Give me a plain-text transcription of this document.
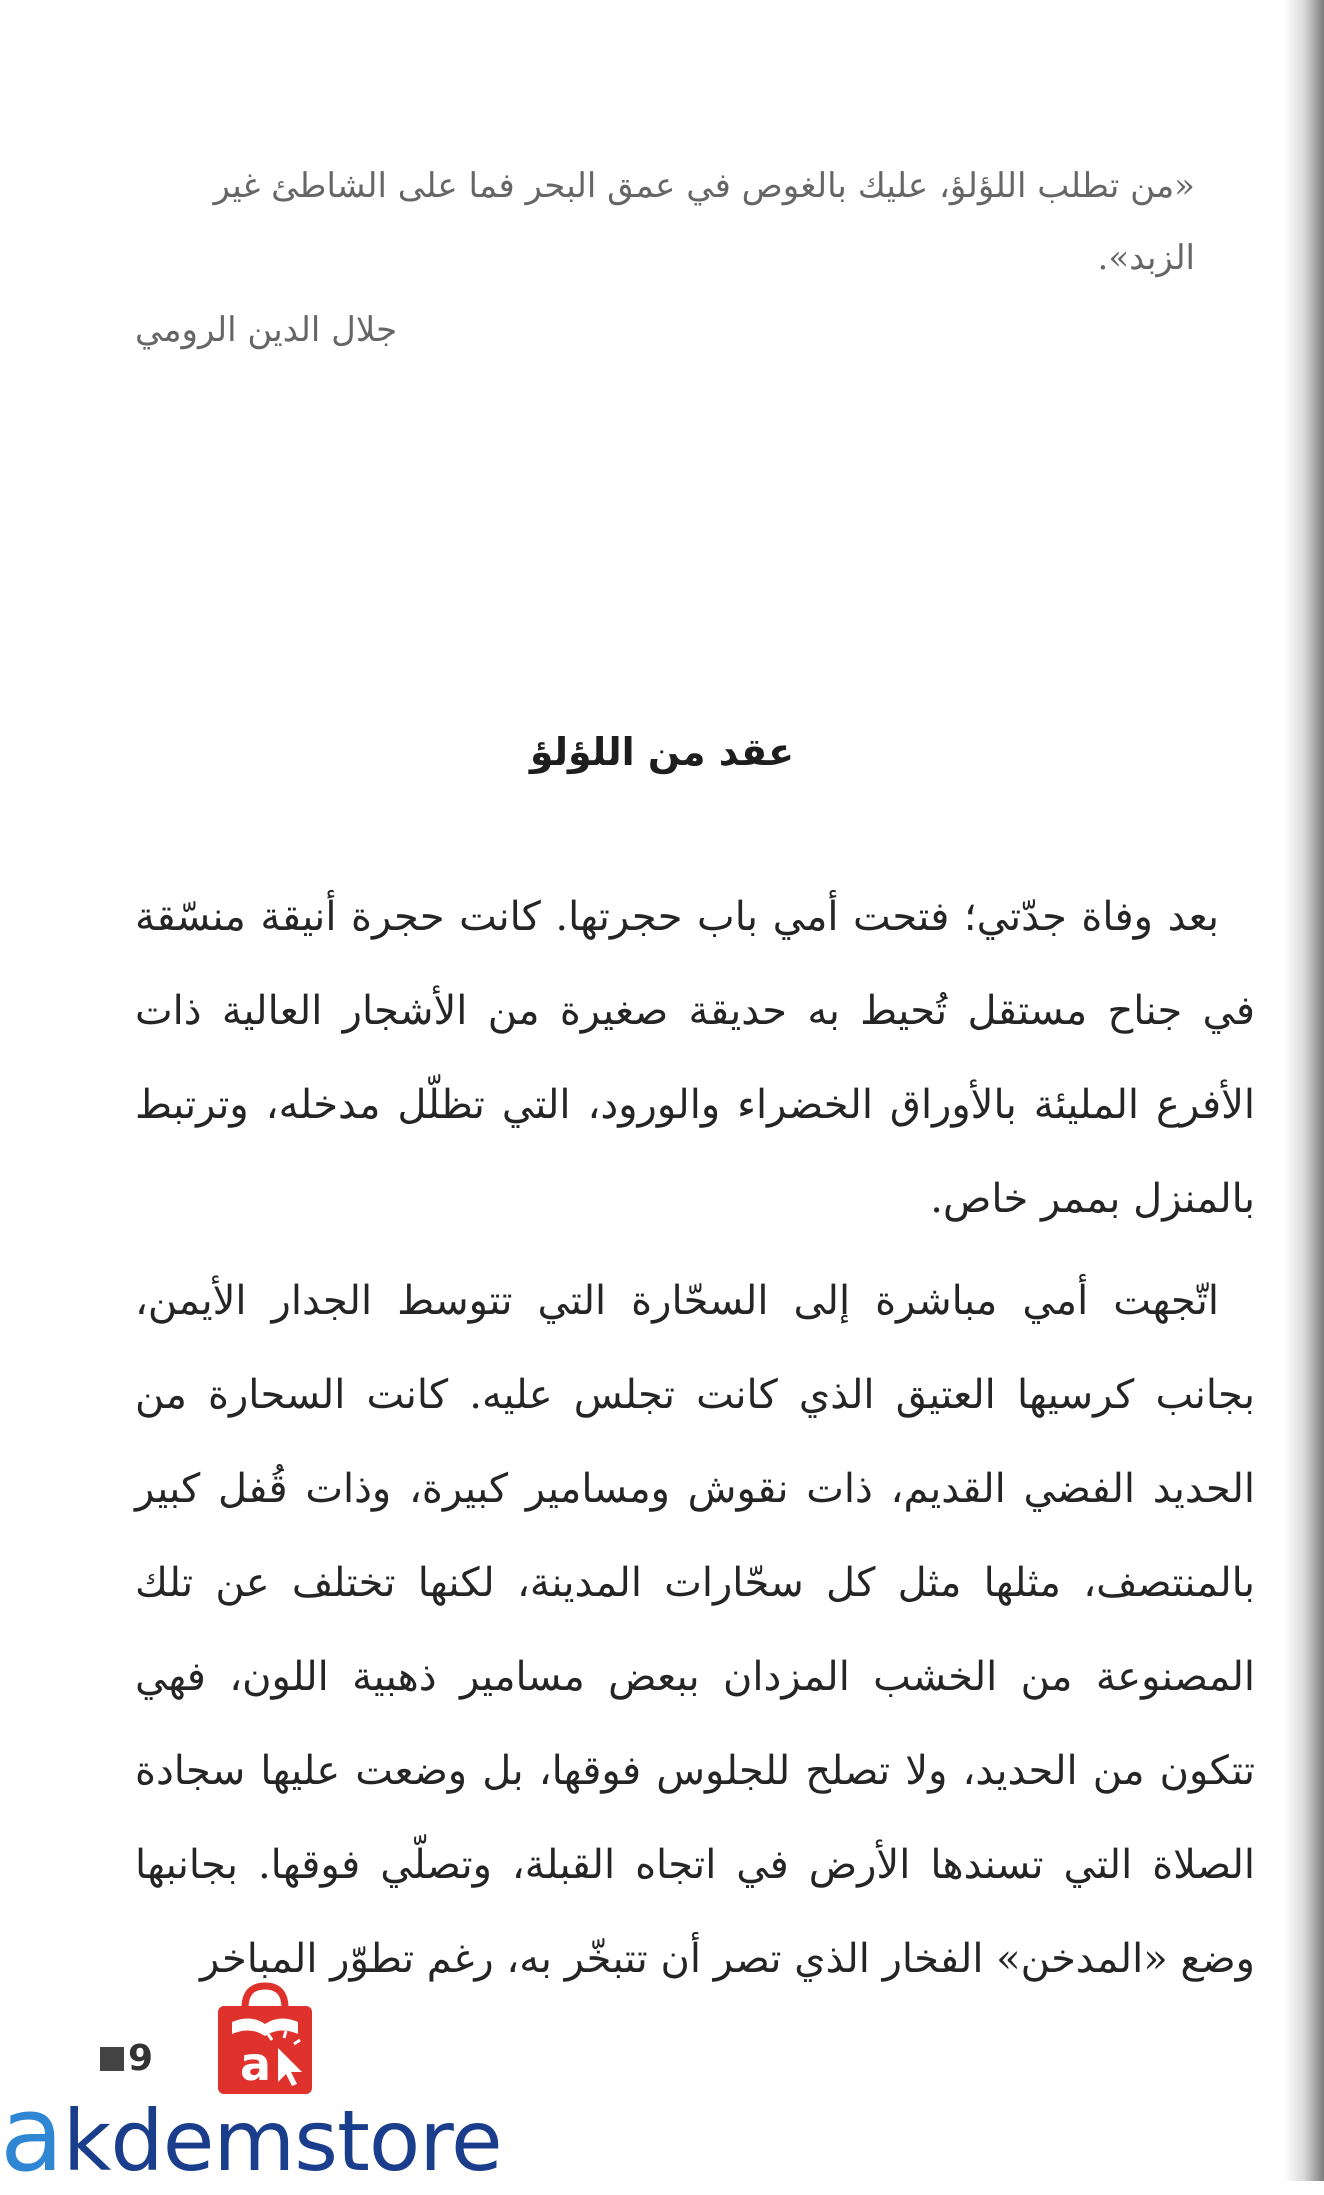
«من تطلب اللؤلؤ، عليك بالغوص في عمق البحر فما على الشاطئ غير الزبد».
جلال الدين الرومي
عقد من اللؤلؤ

بعد وفاة جدّتي؛ فتحت أمي باب حجرتها. كانت حجرة أنيقة منسّقة في جناح مستقل تُحيط به حديقة صغيرة من الأشجار العالية ذات الأفرع المليئة بالأوراق الخضراء والورود، التي تظلّل مدخله، وترتبط بالمنزل بممر خاص.

اتّجهت أمي مباشرة إلى السحّارة التي تتوسط الجدار الأيمن، بجانب كرسيها العتيق الذي كانت تجلس عليه. كانت السحارة من الحديد الفضي القديم، ذات نقوش ومسامير كبيرة، وذات قُفل كبير بالمنتصف، مثلها مثل كل سحّارات المدينة، لكنها تختلف عن تلك المصنوعة من الخشب المزدان ببعض مسامير ذهبية اللون، فهي تتكون من الحديد، ولا تصلح للجلوس فوقها، بل وضعت عليها سجادة الصلاة التي تسندها الأرض في اتجاه القبلة، وتصلّي فوقها. بجانبها وضع «المدخن» الفخار الذي تصر أن تتبخّر به، رغم تطوّر المباخر

9 a
akdemstore
